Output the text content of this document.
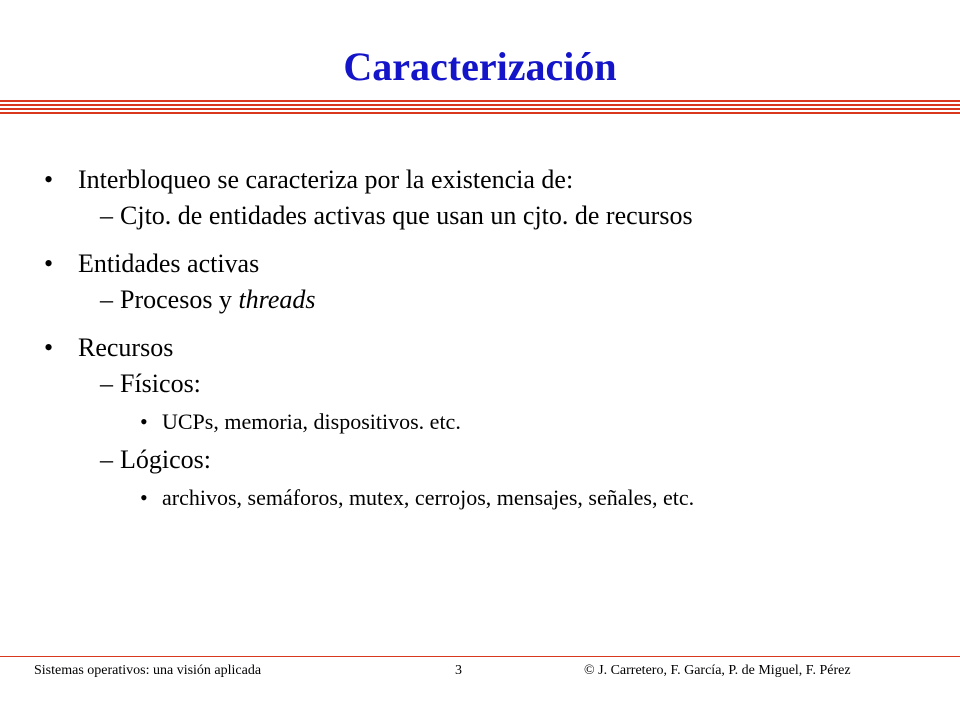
Caracterización
• Interbloqueo se caracteriza por la existencia de:
– Cjto. de entidades activas que usan un cjto. de recursos
• Entidades activas
– Procesos y threads
• Recursos
– Físicos:
• UCPs, memoria, dispositivos. etc.
– Lógicos:
• archivos, semáforos, mutex, cerrojos, mensajes, señales, etc.
Sistemas operativos: una visión aplicada	3	© J. Carretero, F. García, P. de Miguel, F. Pérez
